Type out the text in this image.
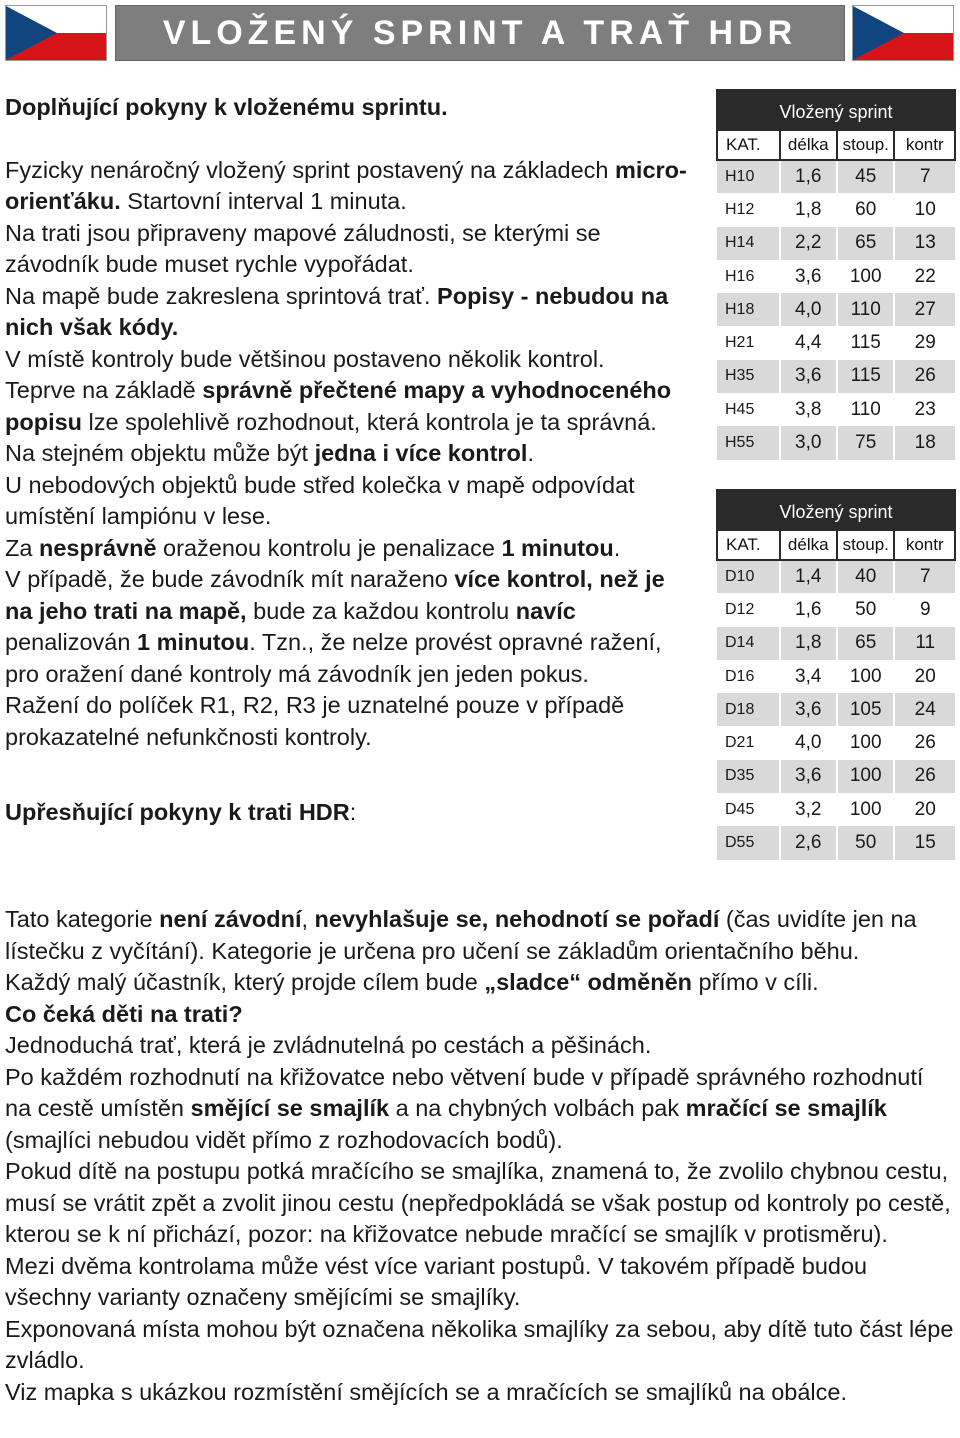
VLOŽENÝ SPRINT A TRAŤ HDR

Doplňující pokyny k vloženému sprintu.

Fyzicky nenáročný vložený sprint postavený na základech micro-orienťáku. Startovní interval 1 minuta.

Na trati jsou připraveny mapové záludnosti, se kterými se závodník bude muset rychle vypořádat.

Na mapě bude zakreslena sprintová trať. Popisy - nebudou na nich však kódy.

V místě kontroly bude většinou postaveno několik kontrol.

Teprve na základě správně přečtené mapy a vyhodnoceného popisu lze spolehlivě rozhodnout, která kontrola je ta správná.

Na stejném objektu může být jedna i více kontrol.

U nebodových objektů bude střed kolečka v mapě odpovídat umístění lampiónu v lese.

Za nesprávně oraženou kontrolu je penalizace 1 minutou.

V případě, že bude závodník mít naraženo více kontrol, než je na jeho trati na mapě, bude za každou kontrolu navíc penalizován 1 minutou. Tzn., že nelze provést opravné ražení, pro oražení dané kontroly má závodník jen jeden pokus.

Ražení do políček R1, R2, R3 je uznatelné pouze v případě prokazatelné nefunkčnosti kontroly.

Upřesňující pokyny k trati HDR:

Vložený sprint			
KAT.	délka	stoup.	kontr
H10	1,6	45	7
H12	1,8	60	10
H14	2,2	65	13
H16	3,6	100	22
H18	4,0	110	27
H21	4,4	115	29
H35	3,6	115	26
H45	3,8	110	23
H55	3,0	75	18
Vložený sprint			
KAT.	délka	stoup.	kontr
D10	1,4	40	7
D12	1,6	50	9
D14	1,8	65	11
D16	3,4	100	20
D18	3,6	105	24
D21	4,0	100	26
D35	3,6	100	26
D45	3,2	100	20
D55	2,6	50	15

Tato kategorie není závodní, nevyhlašuje se, nehodnotí se pořadí (čas uvidíte jen na lístečku z vyčítání). Kategorie je určena pro učení se základům orientačního běhu.

Každý malý účastník, který projde cílem bude „sladce“ odměněn přímo v cíli.

Co čeká děti na trati?

Jednoduchá trať, která je zvládnutelná po cestách a pěšinách.

Po každém rozhodnutí na křižovatce nebo větvení bude v případě správného rozhodnutí na cestě umístěn smějící se smajlík a na chybných volbách pak mračící se smajlík (smajlíci nebudou vidět přímo z rozhodovacích bodů).

Pokud dítě na postupu potká mračícího se smajlíka, znamená to, že zvolilo chybnou cestu, musí se vrátit zpět a zvolit jinou cestu (nepředpokládá se však postup od kontroly po cestě, kterou se k ní přichází, pozor: na křižovatce nebude mračící se smajlík v protisměru).

Mezi dvěma kontrolama může vést více variant postupů. V takovém případě budou všechny varianty označeny smějícími se smajlíky.

Exponovaná místa mohou být označena několika smajlíky za sebou, aby dítě tuto část lépe zvládlo.

Viz mapka s ukázkou rozmístění smějících se a mračících se smajlíků na obálce.
